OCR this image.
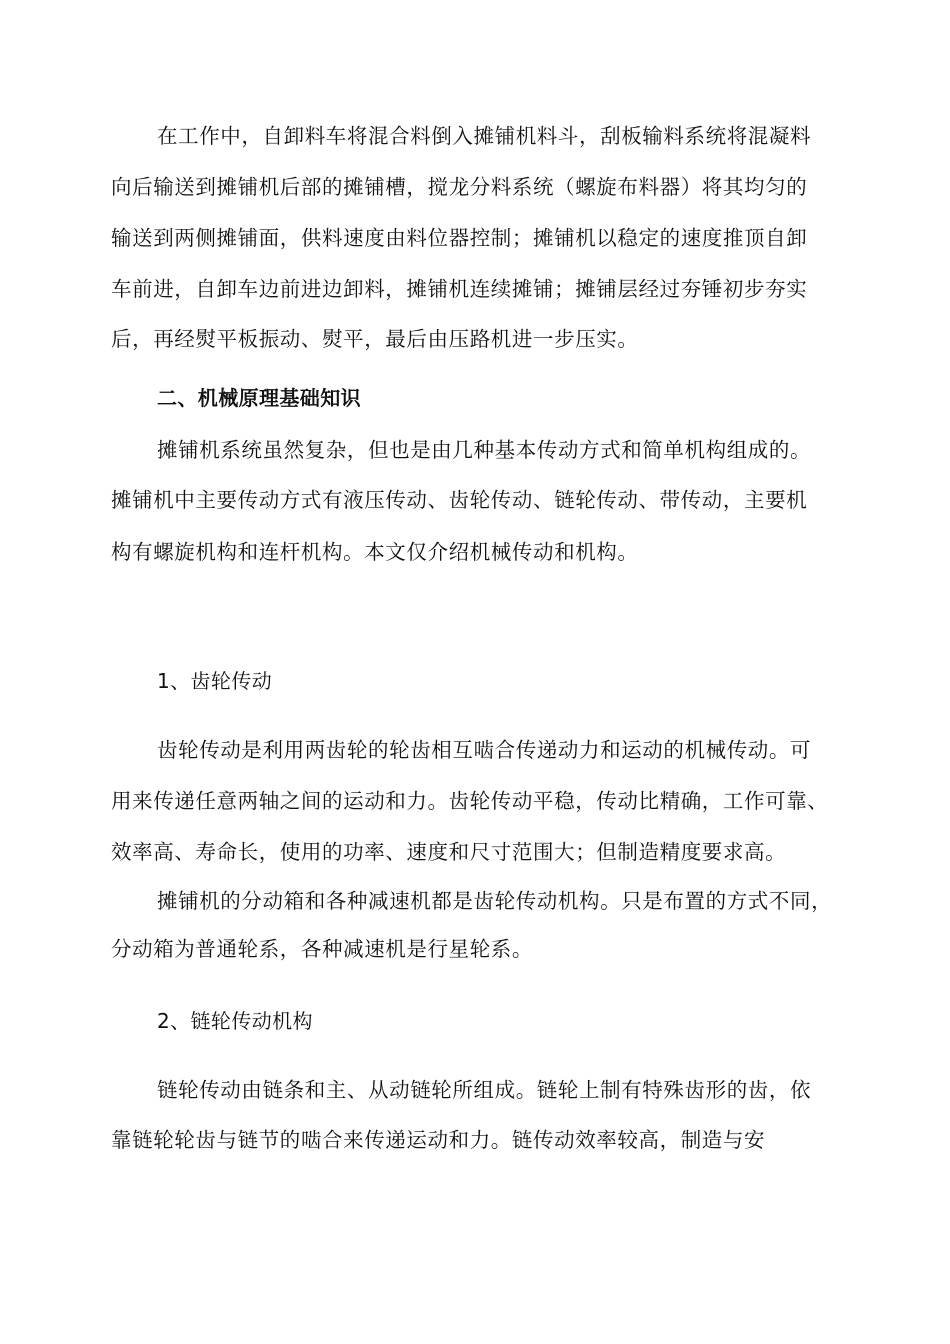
在工作中，自卸料车将混合料倒入摊铺机料斗，刮板输料系统将混凝料
向后输送到摊铺机后部的摊铺槽，搅龙分料系统（螺旋布料器）将其均匀的
输送到两侧摊铺面，供料速度由料位器控制；摊铺机以稳定的速度推顶自卸
车前进，自卸车边前进边卸料，摊铺机连续摊铺；摊铺层经过夯锤初步夯实
后，再经熨平板振动、熨平，最后由压路机进一步压实。
二、机械原理基础知识
摊铺机系统虽然复杂，但也是由几种基本传动方式和简单机构组成的。
摊铺机中主要传动方式有液压传动、齿轮传动、链轮传动、带传动，主要机
构有螺旋机构和连杆机构。本文仅介绍机械传动和机构。
1、齿轮传动
齿轮传动是利用两齿轮的轮齿相互啮合传递动力和运动的机械传动。可
用来传递任意两轴之间的运动和力。齿轮传动平稳，传动比精确，工作可靠、
效率高、寿命长，使用的功率、速度和尺寸范围大；但制造精度要求高。
摊铺机的分动箱和各种减速机都是齿轮传动机构。只是布置的方式不同，
分动箱为普通轮系，各种减速机是行星轮系。
2、链轮传动机构
链轮传动由链条和主、从动链轮所组成。链轮上制有特殊齿形的齿，依
靠链轮轮齿与链节的啮合来传递运动和力。链传动效率较高，制造与安
